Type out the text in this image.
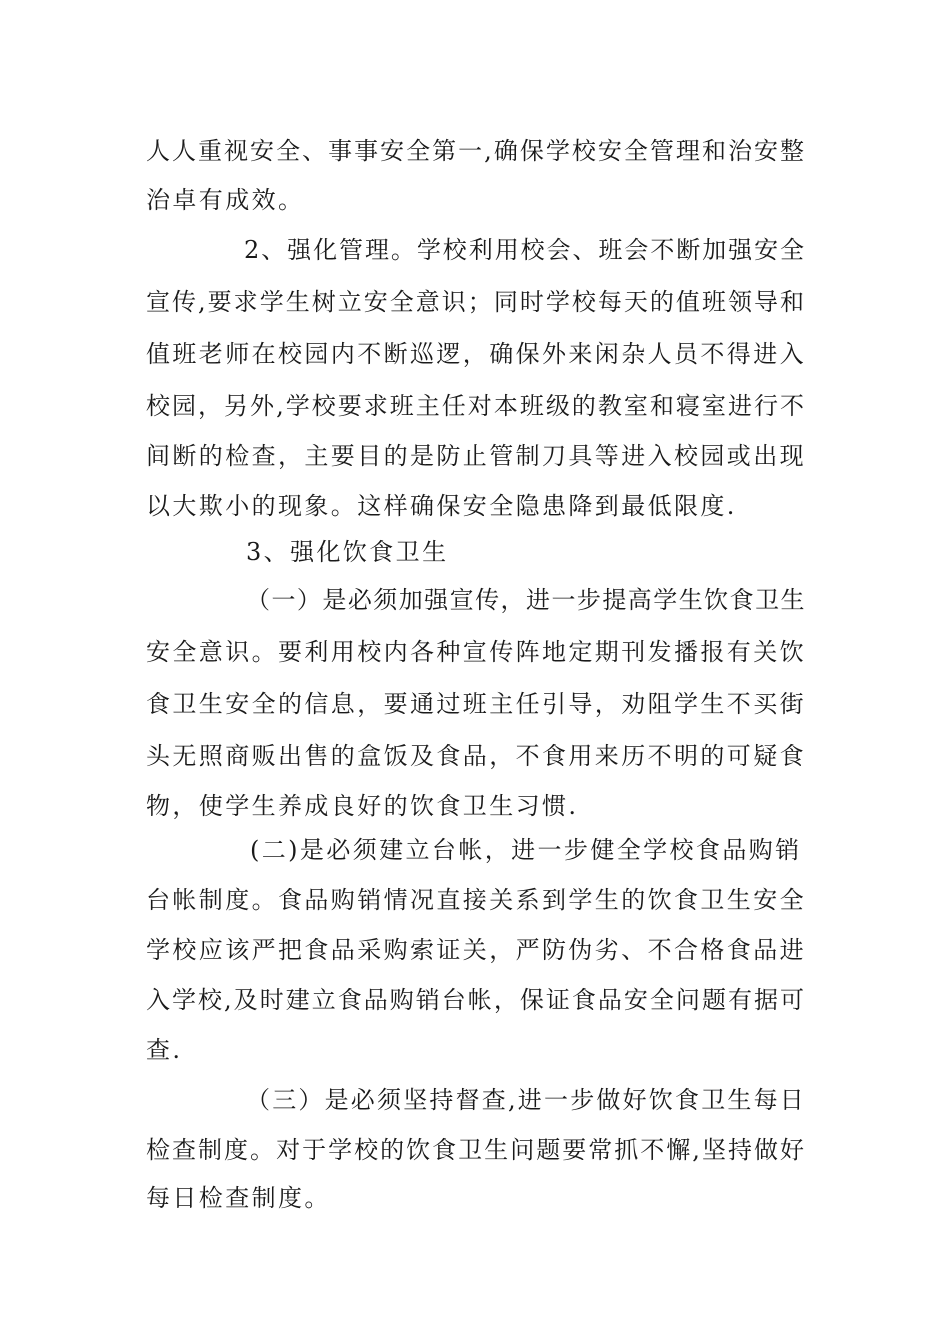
人人重视安全、事事安全第一,确保学校安全管理和治安整
治卓有成效。
2、强化管理。学校利用校会、班会不断加强安全
宣传,要求学生树立安全意识；同时学校每天的值班领导和
值班老师在校园内不断巡逻，确保外来闲杂人员不得进入
校园，另外,学校要求班主任对本班级的教室和寝室进行不
间断的检查，主要目的是防止管制刀具等进入校园或出现
以大欺小的现象。这样确保安全隐患降到最低限度.
3、强化饮食卫生
（一）是必须加强宣传，进一步提高学生饮食卫生
安全意识。要利用校内各种宣传阵地定期刊发播报有关饮
食卫生安全的信息，要通过班主任引导，劝阻学生不买街
头无照商贩出售的盒饭及食品，不食用来历不明的可疑食
物，使学生养成良好的饮食卫生习惯.
(二)是必须建立台帐，进一步健全学校食品购销
台帐制度。食品购销情况直接关系到学生的饮食卫生安全
学校应该严把食品采购索证关，严防伪劣、不合格食品进
入学校,及时建立食品购销台帐，保证食品安全问题有据可
查.
（三）是必须坚持督查,进一步做好饮食卫生每日
检查制度。对于学校的饮食卫生问题要常抓不懈,坚持做好
每日检查制度。
